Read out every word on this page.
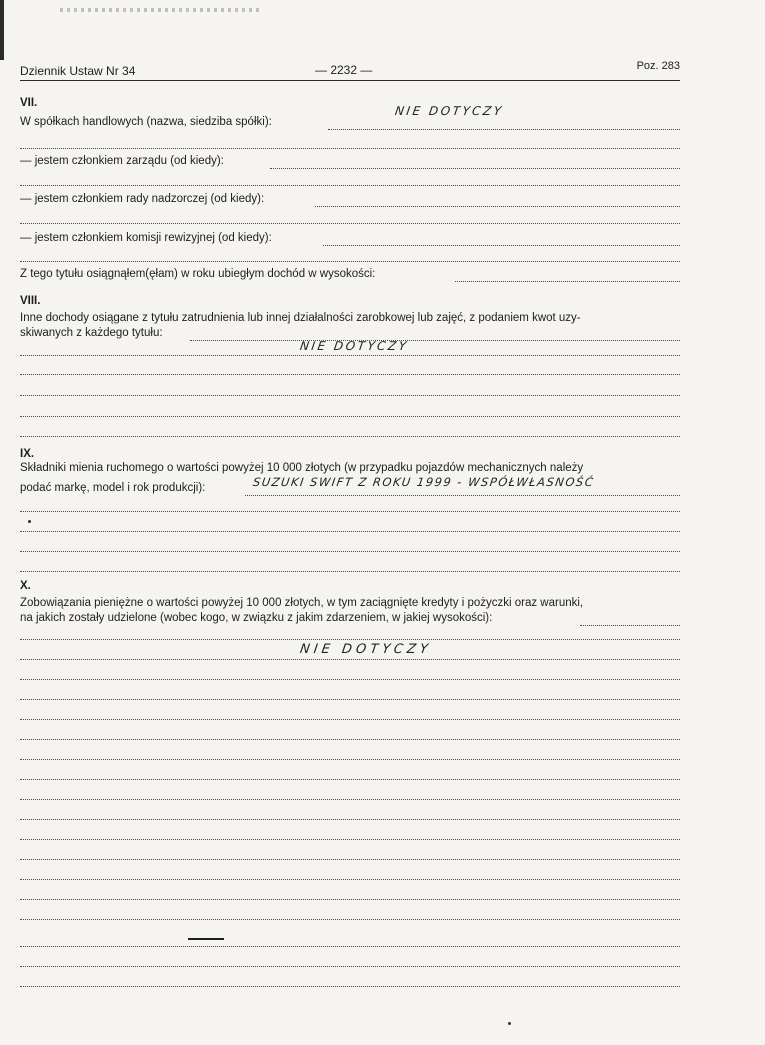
Dziennik Ustaw Nr 34	— 2232 —	Poz. 283
VII.
W spółkach handlowych (nazwa, siedziba spółki):
NIE DOTYCZY
— jestem członkiem zarządu (od kiedy):
— jestem członkiem rady nadzorczej (od kiedy):
— jestem członkiem komisji rewizyjnej (od kiedy):
Z tego tytułu osiągnąłem(ęłam) w roku ubiegłym dochód w wysokości:
VIII.
Inne dochody osiągane z tytułu zatrudnienia lub innej działalności zarobkowej lub zajęć, z podaniem kwot uzy-
skiwanych z każdego tytułu:
NIE DOTYCZY
IX.
Składniki mienia ruchomego o wartości powyżej 10 000 złotych (w przypadku pojazdów mechanicznych należy
podać markę, model i rok produkcji):	SUZUKI SWIFT Z ROKU 1999 - WSPÓŁWŁASNOŚĆ
X.
Zobowiązania pieniężne o wartości powyżej 10 000 złotych, w tym zaciągnięte kredyty i pożyczki oraz warunki,
na jakich zostały udzielone (wobec kogo, w związku z jakim zdarzeniem, w jakiej wysokości):
NIE DOTYCZY
